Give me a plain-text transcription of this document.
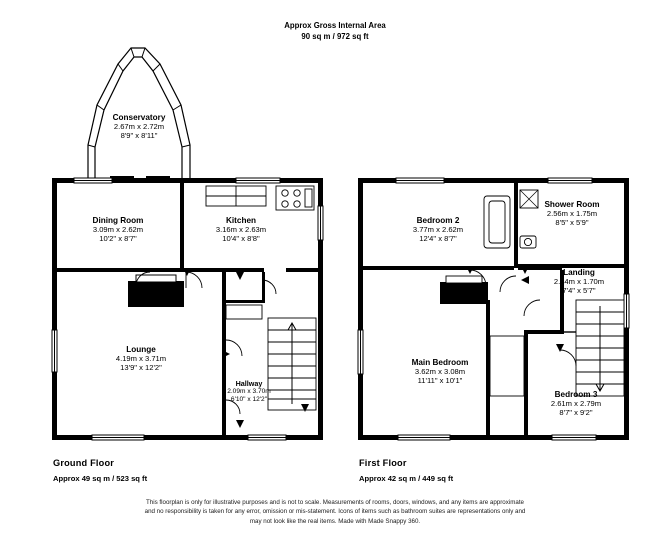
Approx Gross Internal Area
90 sq m / 972 sq ft
Conservatory
2.67m x 2.72m
8'9" x 8'11"
Dining Room
3.09m x 2.62m
10'2" x 8'7"
Kitchen
3.16m x 2.63m
10'4" x 8'8"
Lounge
4.19m x 3.71m
13'9" x 12'2"
Hallway
2.09m x 3.70m
6'10" x 12'2"
Bedroom 2
3.77m x 2.62m
12'4" x 8'7"
Shower Room
2.56m x 1.75m
8'5" x 5'9"
Landing
2.24m x 1.70m
7'4" x 5'7"
Main Bedroom
3.62m x 3.08m
11'11" x 10'1"
Bedroom 3
2.61m x 2.79m
8'7" x 9'2"
Ground Floor
Approx 49 sq m / 523 sq ft
First Floor
Approx 42 sq m / 449 sq ft
This floorplan is only for illustrative purposes and is not to scale. Measurements of rooms, doors, windows, and any items are approximate
and no responsibility is taken for any error, omission or mis-statement. Icons of items such as bathroom suites are representations only and
may not look like the real items. Made with Made Snappy 360.
